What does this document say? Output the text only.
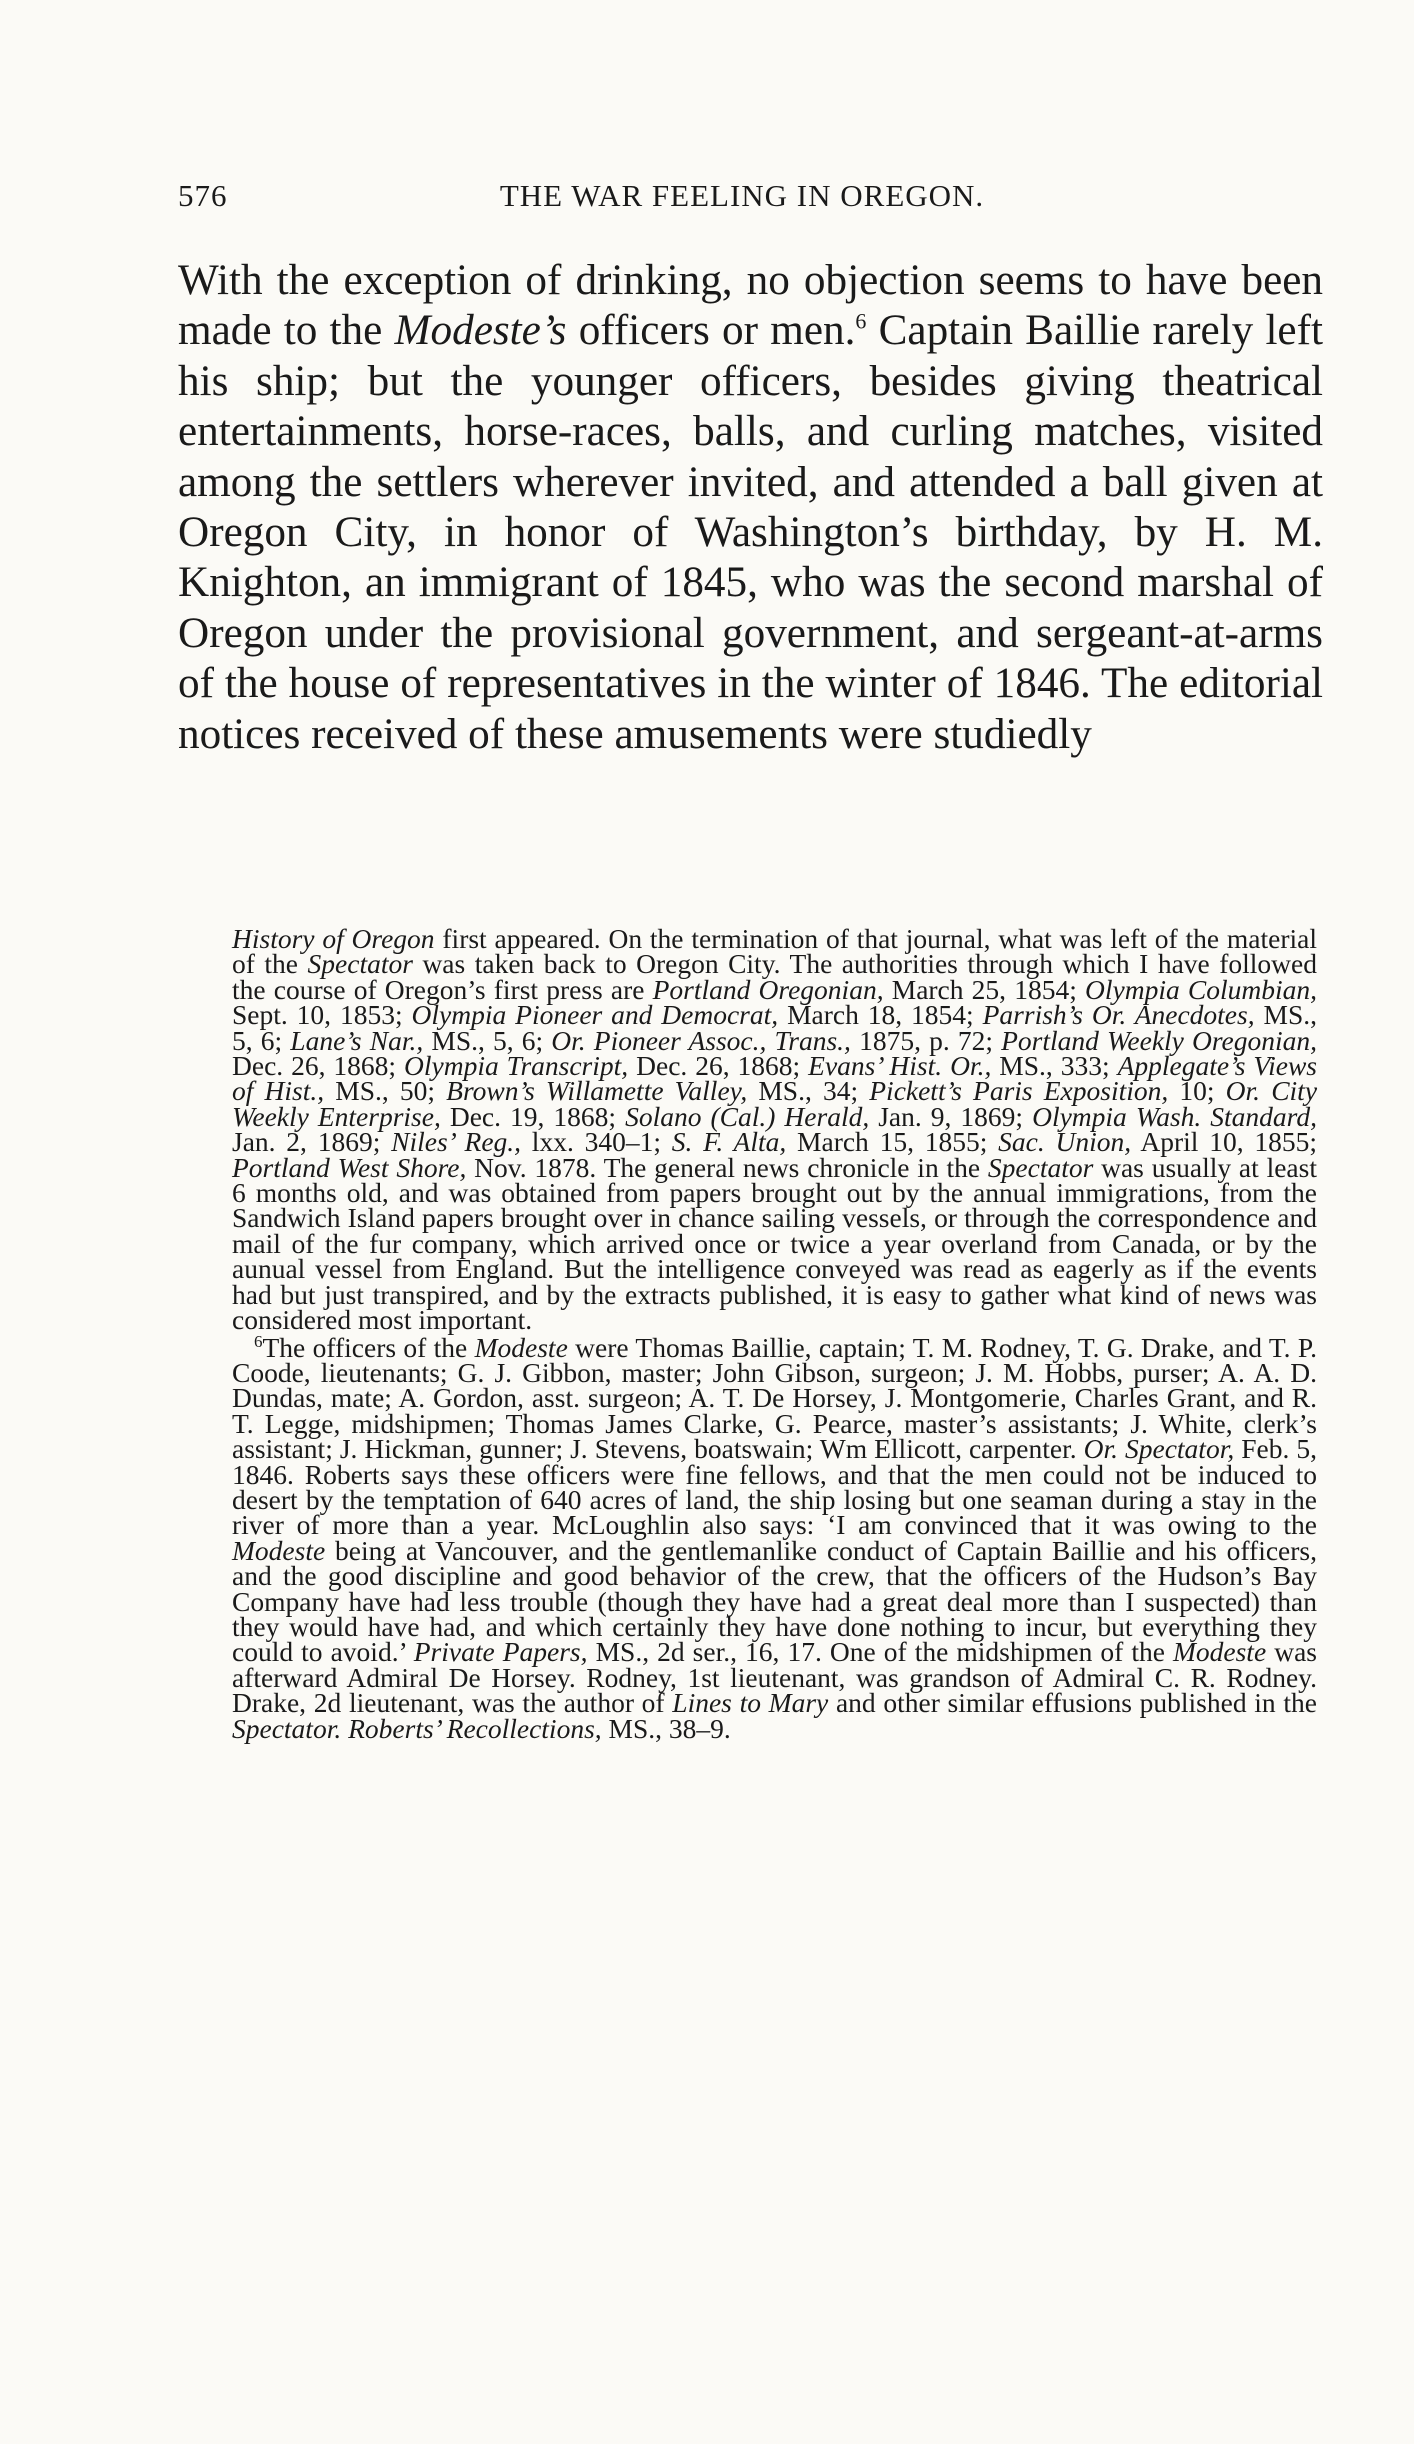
576	THE WAR FEELING IN OREGON.
With the exception of drinking, no objection seems to have been made to the Modeste’s officers or men.$^6$ Captain Baillie rarely left his ship; but the younger officers, besides giving theatrical entertainments, horse-races, balls, and curling matches, visited among the settlers wherever invited, and attended a ball given at Oregon City, in honor of Washington’s birthday, by H. M. Knighton, an immigrant of 1845, who was the second marshal of Oregon under the provisional government, and sergeant-at-arms of the house of representatives in the winter of 1846. The editorial notices received of these amusements were studiedly

History of Oregon first appeared. On the termination of that journal, what was left of the material of the Spectator was taken back to Oregon City. The authorities through which I have followed the course of Oregon’s first press are Portland Oregonian, March 25, 1854; Olympia Columbian, Sept. 10, 1853; Olympia Pioneer and Democrat, March 18, 1854; Parrish’s Or. Anecdotes, MS., 5, 6; Lane’s Nar., MS., 5, 6; Or. Pioneer Assoc., Trans., 1875, p. 72; Portland Weekly Oregonian, Dec. 26, 1868; Olympia Transcript, Dec. 26, 1868; Evans’ Hist. Or., MS., 333; Applegate’s Views of Hist., MS., 50; Brown’s Willamette Valley, MS., 34; Pickett’s Paris Exposition, 10; Or. City Weekly Enterprise, Dec. 19, 1868; Solano (Cal.) Herald, Jan. 9, 1869; Olympia Wash. Standard, Jan. 2, 1869; Niles’ Reg., lxx. 340–1; S. F. Alta, March 15, 1855; Sac. Union, April 10, 1855; Portland West Shore, Nov. 1878. The general news chronicle in the Spectator was usually at least 6 months old, and was obtained from papers brought out by the annual immigrations, from the Sandwich Island papers brought over in chance sailing vessels, or through the correspondence and mail of the fur company, which arrived once or twice a year overland from Canada, or by the aunual vessel from England. But the intelligence conveyed was read as eagerly as if the events had but just transpired, and by the extracts published, it is easy to gather what kind of news was considered most important.

$^6$The officers of the Modeste were Thomas Baillie, captain; T. M. Rodney, T. G. Drake, and T. P. Coode, lieutenants; G. J. Gibbon, master; John Gibson, surgeon; J. M. Hobbs, purser; A. A. D. Dundas, mate; A. Gordon, asst. surgeon; A. T. De Horsey, J. Montgomerie, Charles Grant, and R. T. Legge, midshipmen; Thomas James Clarke, G. Pearce, master’s assistants; J. White, clerk’s assistant; J. Hickman, gunner; J. Stevens, boatswain; Wm Ellicott, carpenter. Or. Spectator, Feb. 5, 1846. Roberts says these officers were fine fellows, and that the men could not be induced to desert by the temptation of 640 acres of land, the ship losing but one seaman during a stay in the river of more than a year. McLoughlin also says: ‘I am convinced that it was owing to the Modeste being at Vancouver, and the gentlemanlike conduct of Captain Baillie and his officers, and the good discipline and good behavior of the crew, that the officers of the Hudson’s Bay Company have had less trouble (though they have had a great deal more than I suspected) than they would have had, and which certainly they have done nothing to incur, but everything they could to avoid.’ Private Papers, MS., 2d ser., 16, 17. One of the midshipmen of the Modeste was afterward Admiral De Horsey. Rodney, 1st lieutenant, was grandson of Admiral C. R. Rodney. Drake, 2d lieutenant, was the author of Lines to Mary and other similar effusions published in the Spectator. Roberts’ Recollections, MS., 38–9.
